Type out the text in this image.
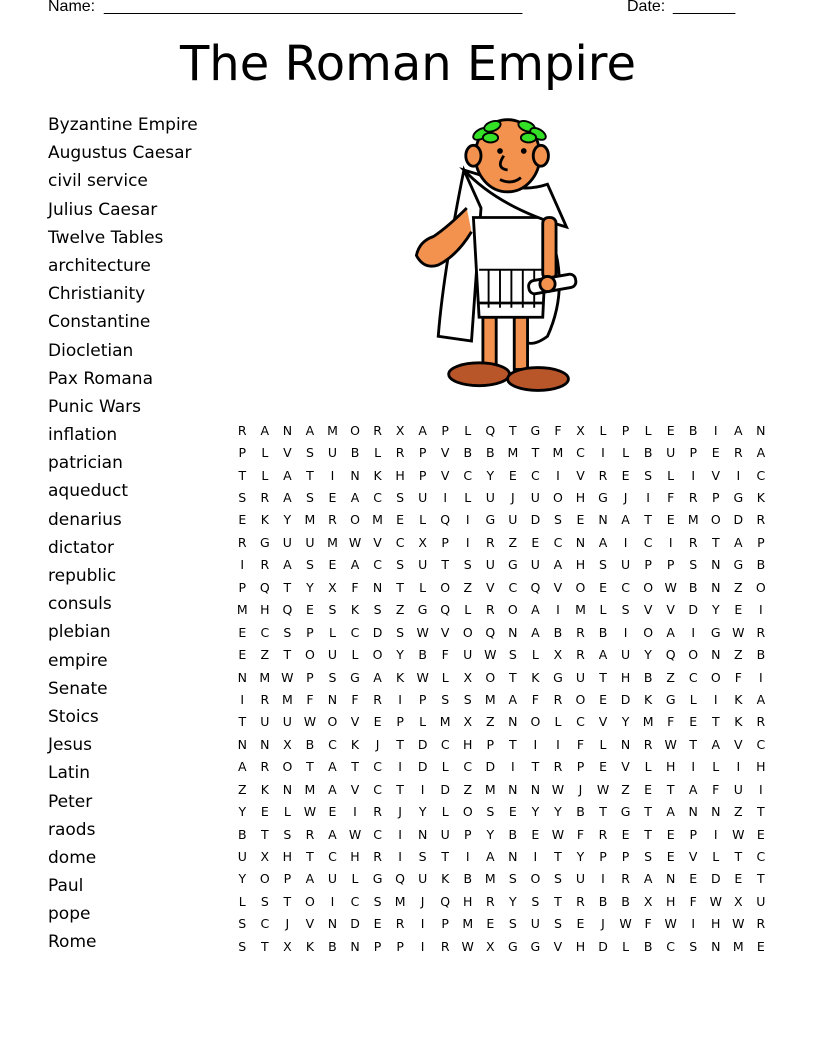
Name: _______________________________________________	Date: _______
The Roman Empire
Byzantine Empire
Augustus Caesar
civil service
Julius Caesar
Twelve Tables
architecture
Christianity
Constantine
Diocletian
Pax Romana
Punic Wars
inflation
patrician
aqueduct
denarius
dictator
republic
consuls
plebian
empire
Senate
Stoics
Jesus
Latin
Peter
raods
dome
Paul
pope
Rome
R	A	N	A	M	O	R	X	A	P	L	Q	T	G	F	X	L	P	L	E	B	I	A	N
P	L	V	S	U	B	L	R	P	V	B	B	M	T	M	C	I	L	B	U	P	E	R	A
T	L	A	T	I	N	K	H	P	V	C	Y	E	C	I	V	R	E	S	L	I	V	I	C
S	R	A	S	E	A	C	S	U	I	L	U	J	U	O	H	G	J	I	F	R	P	G	K
E	K	Y	M	R	O	M	E	L	Q	I	G	U	D	S	E	N	A	T	E	M	O	D	R
R	G	U	U	M	W	V	C	X	P	I	R	Z	E	C	N	A	I	C	I	R	T	A	P
I	R	A	S	E	A	C	S	U	T	S	U	G	U	A	H	S	U	P	P	S	N	G	B
P	Q	T	Y	X	F	N	T	L	O	Z	V	C	Q	V	O	E	C	O	W	B	N	Z	O
M	H	Q	E	S	K	S	Z	G	Q	L	R	O	A	I	M	L	S	V	V	D	Y	E	I
E	C	S	P	L	C	D	S	W	V	O	Q	N	A	B	R	B	I	O	A	I	G	W	R
E	Z	T	O	U	L	O	Y	B	F	U	W	S	L	X	R	A	U	Y	Q	O	N	Z	B
N	M	W	P	S	G	A	K	W	L	X	O	T	K	G	U	T	H	B	Z	C	O	F	I
I	R	M	F	N	F	R	I	P	S	S	M	A	F	R	O	E	D	K	G	L	I	K	A
T	U	U	W	O	V	E	P	L	M	X	Z	N	O	L	C	V	Y	M	F	E	T	K	R
N	N	X	B	C	K	J	T	D	C	H	P	T	I	I	F	L	N	R	W	T	A	V	C
A	R	O	T	A	T	C	I	D	L	C	D	I	T	R	P	E	V	L	H	I	L	I	H
Z	K	N	M	A	V	C	T	I	D	Z	M	N	N	W	J	W	Z	E	T	A	F	U	I
Y	E	L	W	E	I	R	J	Y	L	O	S	E	Y	Y	B	T	G	T	A	N	N	Z	T
B	T	S	R	A	W	C	I	N	U	P	Y	B	E	W	F	R	E	T	E	P	I	W	E
U	X	H	T	C	H	R	I	S	T	I	A	N	I	T	Y	P	P	S	E	V	L	T	C
Y	O	P	A	U	L	G	Q	U	K	B	M	S	O	S	U	I	R	A	N	E	D	E	T
L	S	T	O	I	C	S	M	J	Q	H	R	Y	S	T	R	B	B	X	H	F	W	X	U
S	C	J	V	N	D	E	R	I	P	M	E	S	U	S	E	J	W	F	W	I	H	W	R
S	T	X	K	B	N	P	P	I	R	W	X	G	G	V	H	D	L	B	C	S	N	M	E
